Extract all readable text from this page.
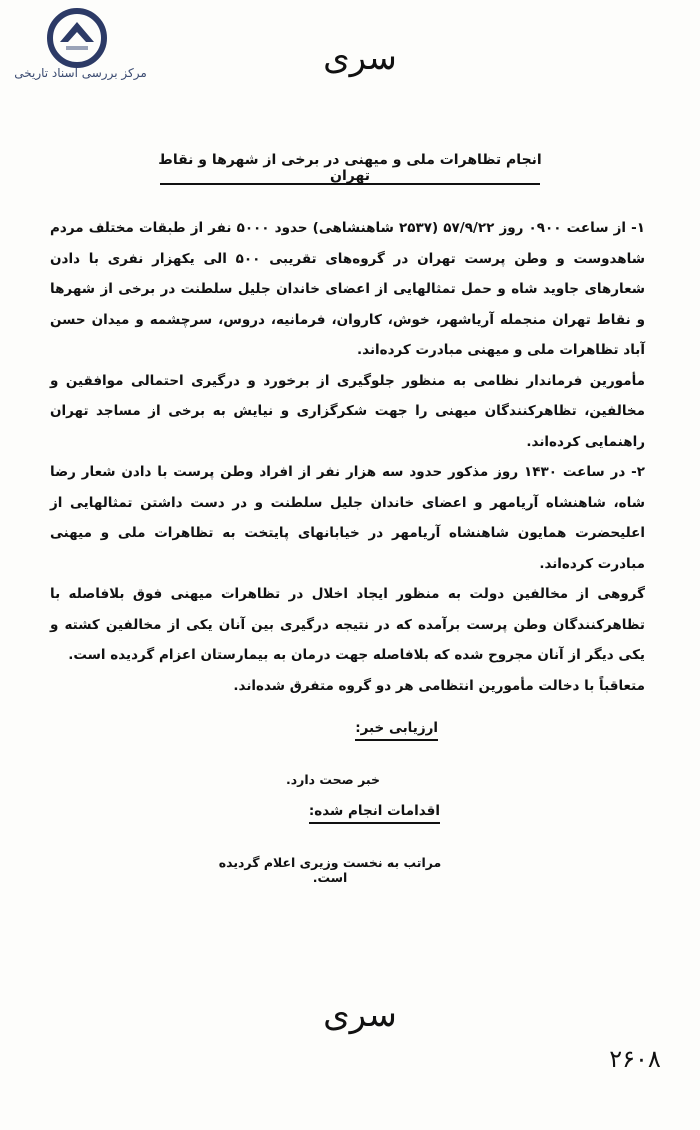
مرکز بررسی اسناد تاریخی	سری
انجام تظاهرات ملی و میهنی در برخی از شهرها و نقاط تهران

۱- از ساعت ۰۹۰۰ روز ۵۷/۹/۲۲ (۲۵۳۷ شاهنشاهی) حدود ۵۰۰۰ نفر از طبقات مختلف مردم شاهدوست و وطن پرست تهران در گروه‌های تقریبی ۵۰۰ الی یکهزار نفری با دادن شعارهای جاوید شاه و حمل تمثالهایی از اعضای خاندان جلیل سلطنت در برخی از شهرها و نقاط تهران منجمله آریاشهر، خوش، کاروان، فرمانیه، دروس، سرچشمه و میدان حسن آباد تظاهرات ملی و میهنی مبادرت کرده‌اند.

مأمورین فرماندار نظامی به منظور جلوگیری از برخورد و درگیری احتمالی موافقین و مخالفین، تظاهرکنندگان میهنی را جهت شکرگزاری و نیایش به برخی از مساجد تهران راهنمایی کرده‌اند.

۲- در ساعت ۱۴۳۰ روز مذکور حدود سه هزار نفر از افراد وطن پرست با دادن شعار رضا شاه، شاهنشاه آریامهر و اعضای خاندان جلیل سلطنت و در دست داشتن تمثالهایی از اعلیحضرت همایون شاهنشاه آریامهر در خیابانهای پایتخت به تظاهرات ملی و میهنی مبادرت کرده‌اند.

گروهی از مخالفین دولت به منظور ایجاد اخلال در تظاهرات میهنی فوق بلافاصله با تظاهرکنندگان وطن پرست برآمده که در نتیجه درگیری بین آنان یکی از مخالفین کشته و یکی دیگر از آنان مجروح شده که بلافاصله جهت درمان به بیمارستان اعزام گردیده است.

متعاقباً با دخالت مأمورین انتظامی هر دو گروه متفرق شده‌اند.

ارزیابی خبر:
خبر صحت دارد.
اقدامات انجام شده:
مراتب به نخست وزیری اعلام گردیده است.
سری
۲۶۰۸
